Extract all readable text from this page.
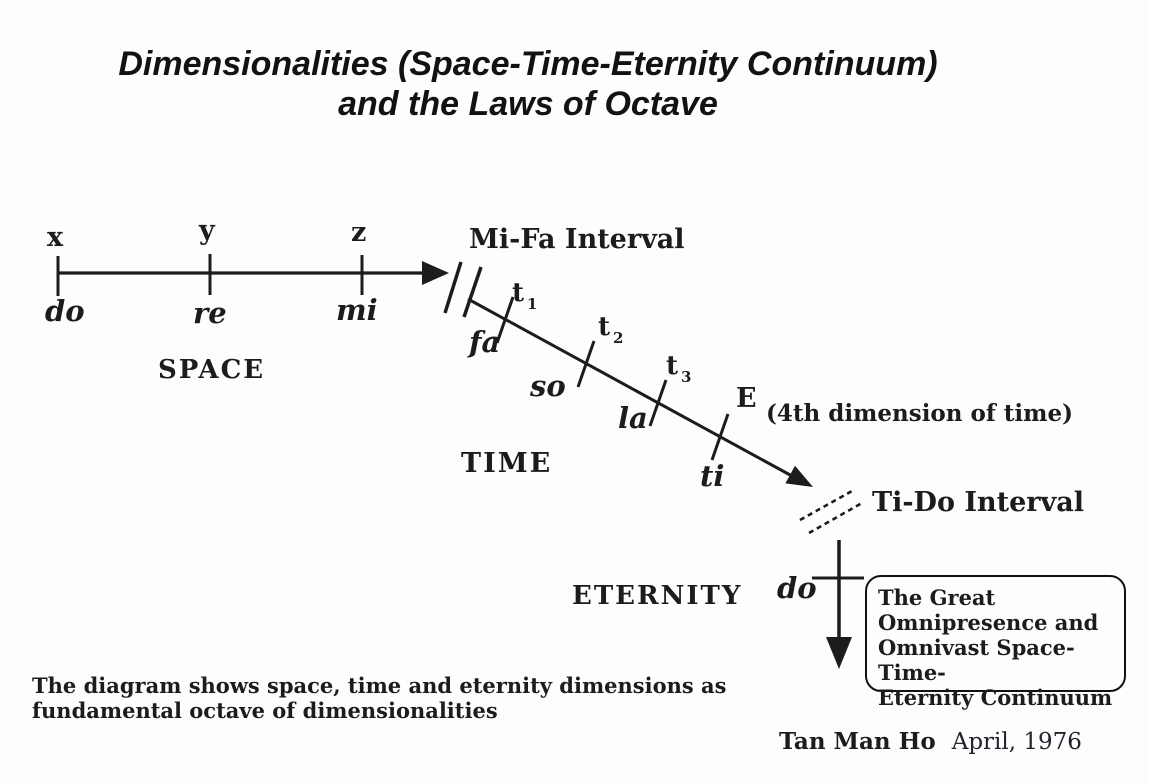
Dimensionalities (Space-Time-Eternity Continuum)
and the Laws of Octave
x	y	z
do	re	mi
SPACE
Mi-Fa Interval
Ti-Do Interval
t $_1$
t $_2$
t $_3$
fa
so
la
ti
E (4th dimension of time)
TIME
ETERNITY do	The Great
Omnipresence and
Omnivast Space-Time-
Eternity Continuum
The diagram shows space, time and eternity dimensions as
fundamental octave of dimensionalities
Tan Man Ho April, 1976
